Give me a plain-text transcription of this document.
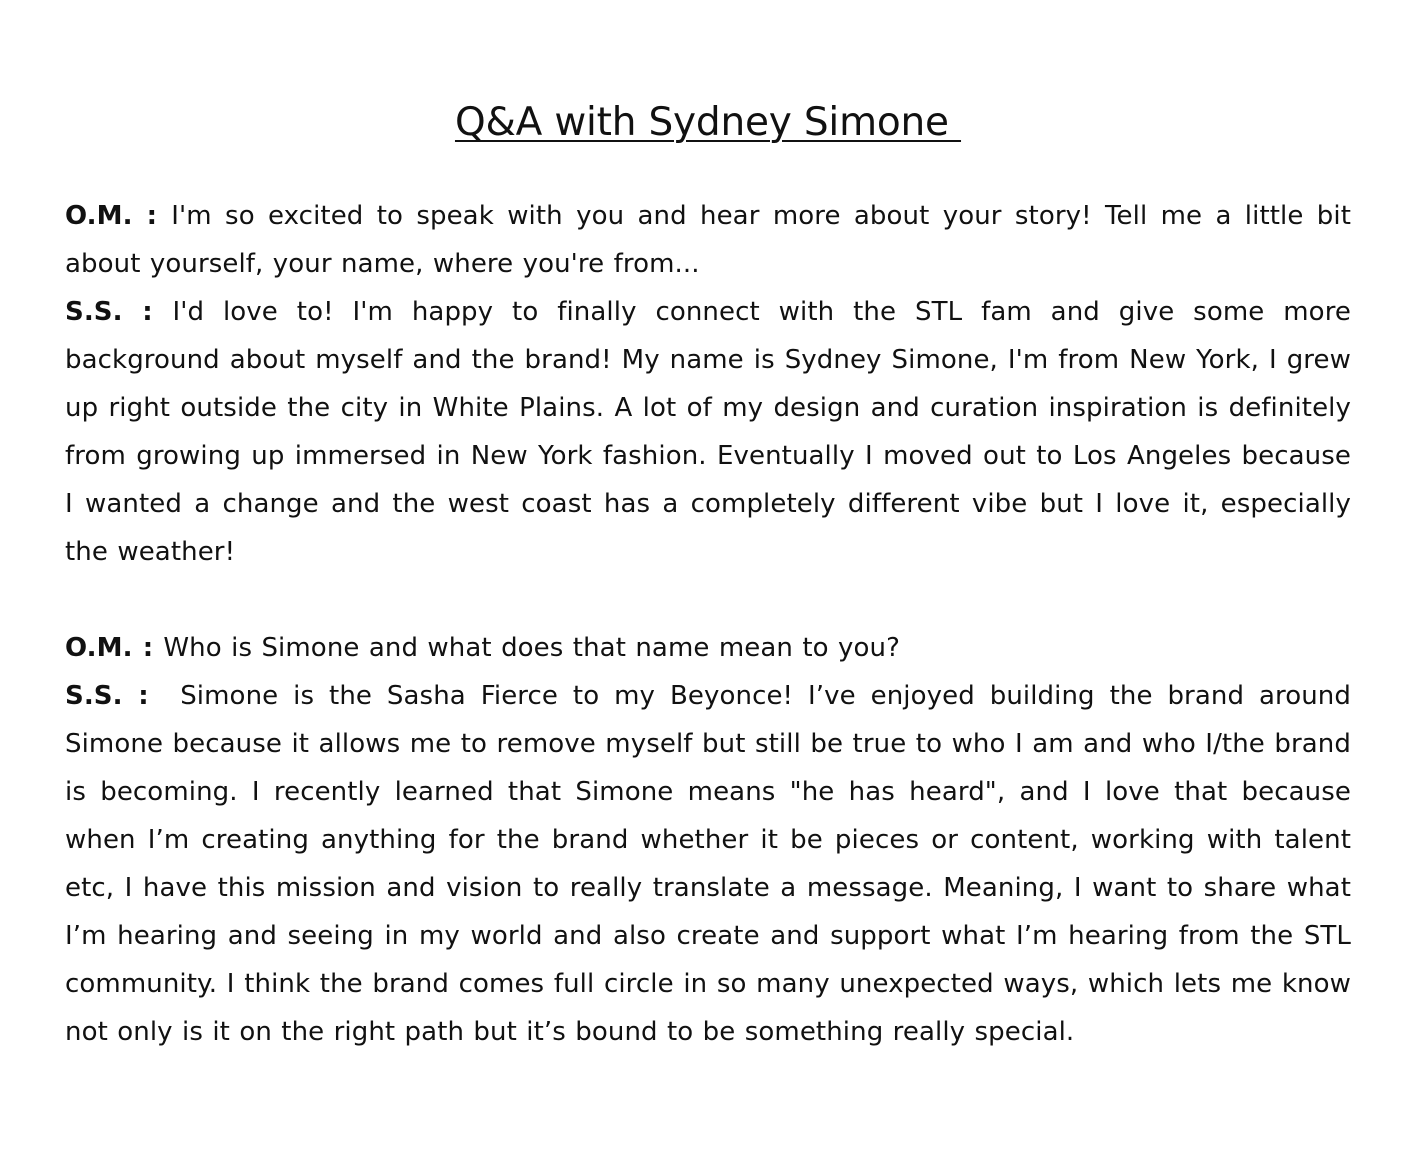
Q&A with Sydney Simone

O.M. : I'm so excited to speak with you and hear more about your story! Tell me a little bit about yourself, your name, where you're from...

S.S. : I'd love to! I'm happy to finally connect with the STL fam and give some more background about myself and the brand! My name is Sydney Simone, I'm from New York, I grew up right outside the city in White Plains. A lot of my design and curation inspiration is definitely from growing up immersed in New York fashion. Eventually I moved out to Los Angeles because I wanted a change and the west coast has a completely different vibe but I love it, especially the weather!

O.M. : Who is Simone and what does that name mean to you?

S.S. :  Simone is the Sasha Fierce to my Beyonce! I’ve enjoyed building the brand around Simone because it allows me to remove myself but still be true to who I am and who I/the brand is becoming. I recently learned that Simone means "he has heard", and I love that because when I’m creating anything for the brand whether it be pieces or content, working with talent etc, I have this mission and vision to really translate a message. Meaning, I want to share what I’m hearing and seeing in my world and also create and support what I’m hearing from the STL community. I think the brand comes full circle in so many unexpected ways, which lets me know not only is it on the right path but it’s bound to be something really special.
